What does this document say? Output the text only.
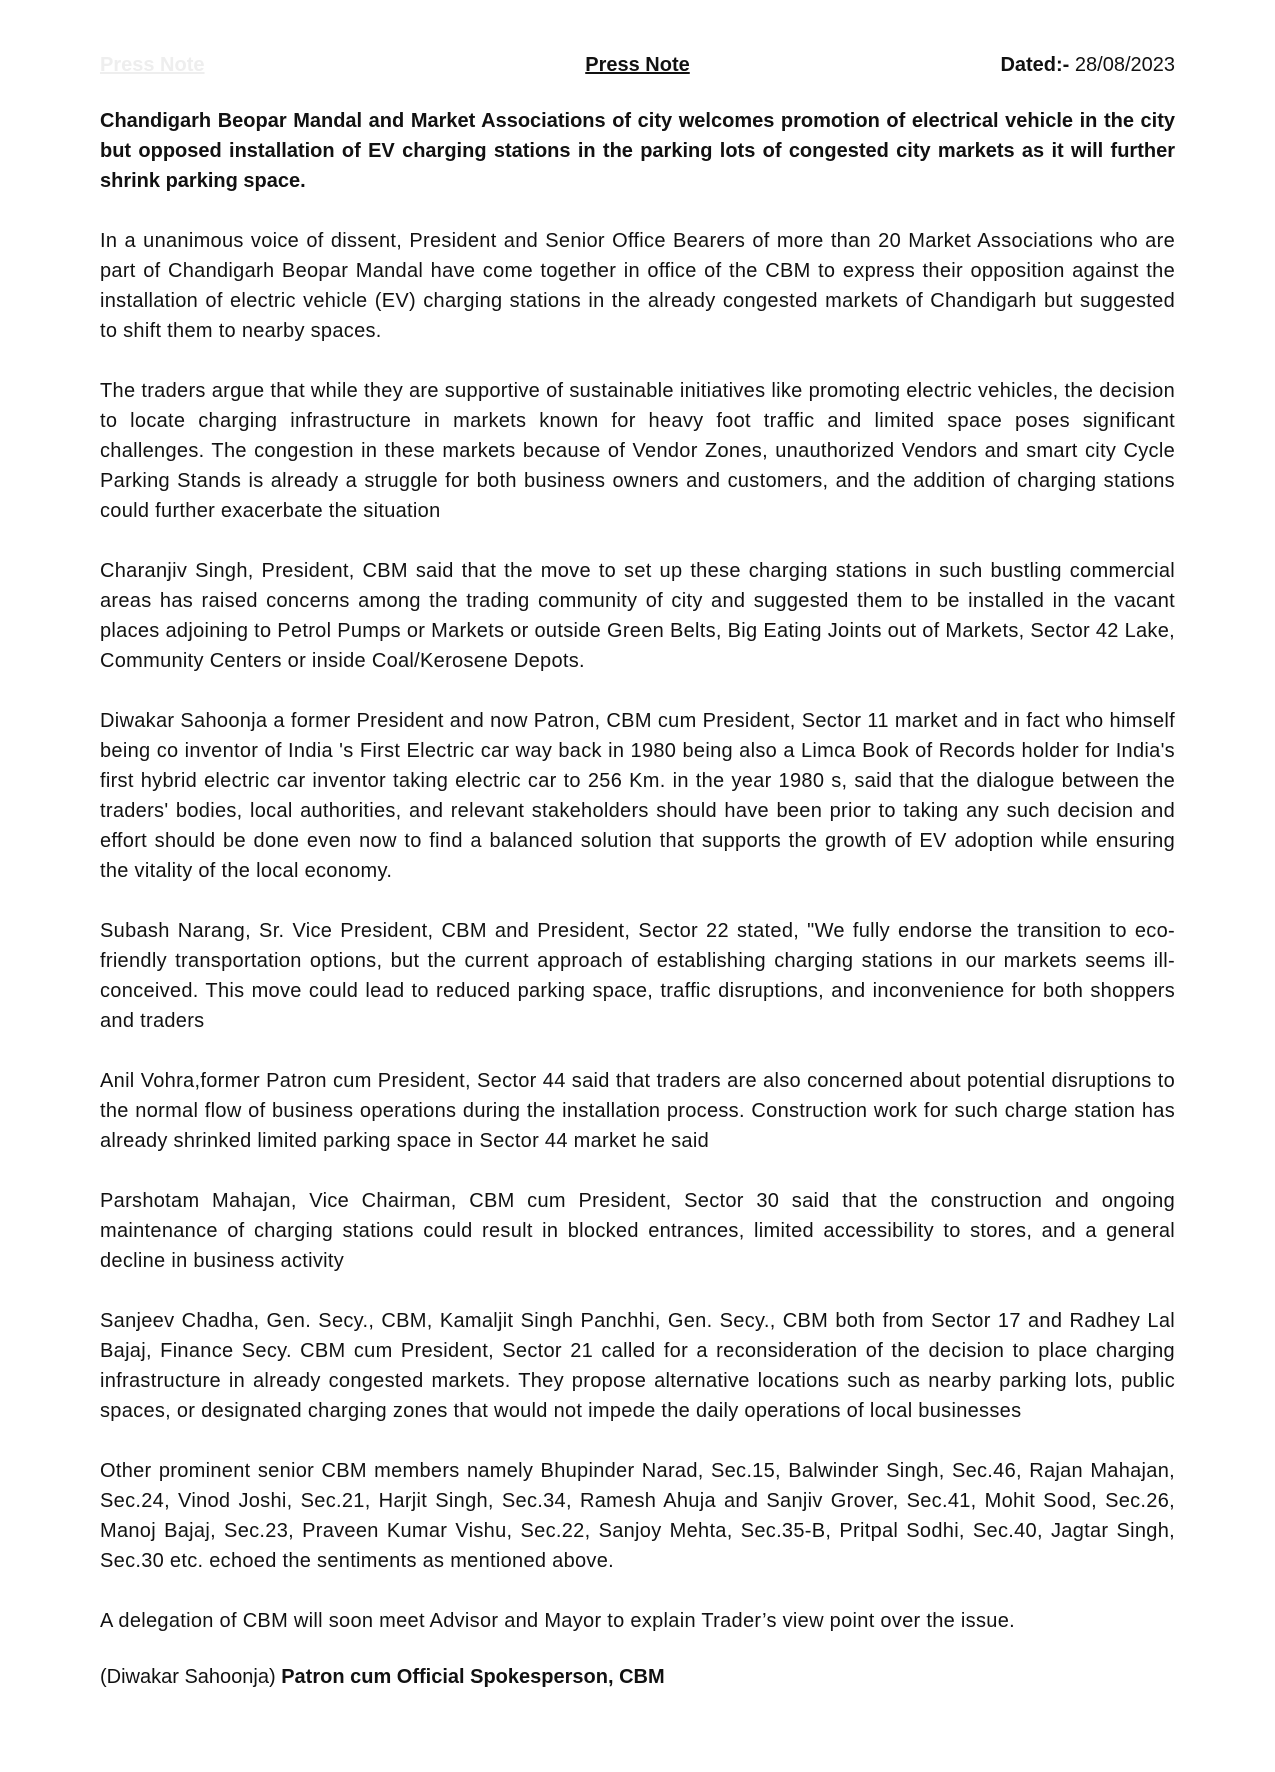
Press Note	Press Note	Dated:- 28/08/2023

Chandigarh Beopar Mandal and Market Associations of city welcomes promotion of electrical vehicle in the city but opposed installation of EV charging stations in the parking lots of congested city markets as it will further shrink parking space.

In a unanimous voice of dissent, President and Senior Office Bearers of more than 20 Market Associations who are part of Chandigarh Beopar Mandal have come together in office of the CBM to express their opposition against the installation of electric vehicle (EV) charging stations in the already congested markets of Chandigarh but suggested to shift them to nearby spaces.

The traders argue that while they are supportive of sustainable initiatives like promoting electric vehicles, the decision to locate charging infrastructure in markets known for heavy foot traffic and limited space poses significant challenges. The congestion in these markets because of Vendor Zones, unauthorized Vendors and smart city Cycle Parking Stands is already a struggle for both business owners and customers, and the addition of charging stations could further exacerbate the situation

Charanjiv Singh, President, CBM said that the move to set up these charging stations in such bustling commercial areas has raised concerns among the trading community of city and suggested them to be installed in the vacant places adjoining to Petrol Pumps or Markets or outside Green Belts, Big Eating Joints out of Markets, Sector 42 Lake, Community Centers or inside Coal/Kerosene Depots.

Diwakar Sahoonja a former President and now Patron, CBM cum President, Sector 11 market and in fact who himself being co inventor of India 's First Electric car way back in 1980 being also a Limca Book of Records holder for India's first hybrid electric car inventor taking electric car to 256 Km. in the year 1980 s, said that the dialogue between the traders' bodies, local authorities, and relevant stakeholders should have been prior to taking any such decision and effort should be done even now to find a balanced solution that supports the growth of EV adoption while ensuring the vitality of the local economy.

Subash Narang, Sr. Vice President, CBM and President, Sector 22 stated, "We fully endorse the transition to eco-friendly transportation options, but the current approach of establishing charging stations in our markets seems ill-conceived. This move could lead to reduced parking space, traffic disruptions, and inconvenience for both shoppers and traders

Anil Vohra,former Patron cum President, Sector 44 said that traders are also concerned about potential disruptions to the normal flow of business operations during the installation process. Construction work for such charge station has already shrinked limited parking space in Sector 44 market he said

Parshotam Mahajan, Vice Chairman, CBM cum President, Sector 30 said that the construction and ongoing maintenance of charging stations could result in blocked entrances, limited accessibility to stores, and a general decline in business activity

Sanjeev Chadha, Gen. Secy., CBM, Kamaljit Singh Panchhi, Gen. Secy., CBM both from Sector 17 and Radhey Lal Bajaj, Finance Secy. CBM cum President, Sector 21 called for a reconsideration of the decision to place charging infrastructure in already congested markets. They propose alternative locations such as nearby parking lots, public spaces, or designated charging zones that would not impede the daily operations of local businesses

Other prominent senior CBM members namely Bhupinder Narad, Sec.15, Balwinder Singh, Sec.46, Rajan Mahajan, Sec.24, Vinod Joshi, Sec.21, Harjit Singh, Sec.34, Ramesh Ahuja and Sanjiv Grover, Sec.41, Mohit Sood, Sec.26, Manoj Bajaj, Sec.23, Praveen Kumar Vishu, Sec.22, Sanjoy Mehta, Sec.35-B, Pritpal Sodhi, Sec.40, Jagtar Singh, Sec.30 etc. echoed the sentiments as mentioned above.

A delegation of CBM will soon meet Advisor and Mayor to explain Trader’s view point over the issue.

(Diwakar Sahoonja) Patron cum Official Spokesperson, CBM
